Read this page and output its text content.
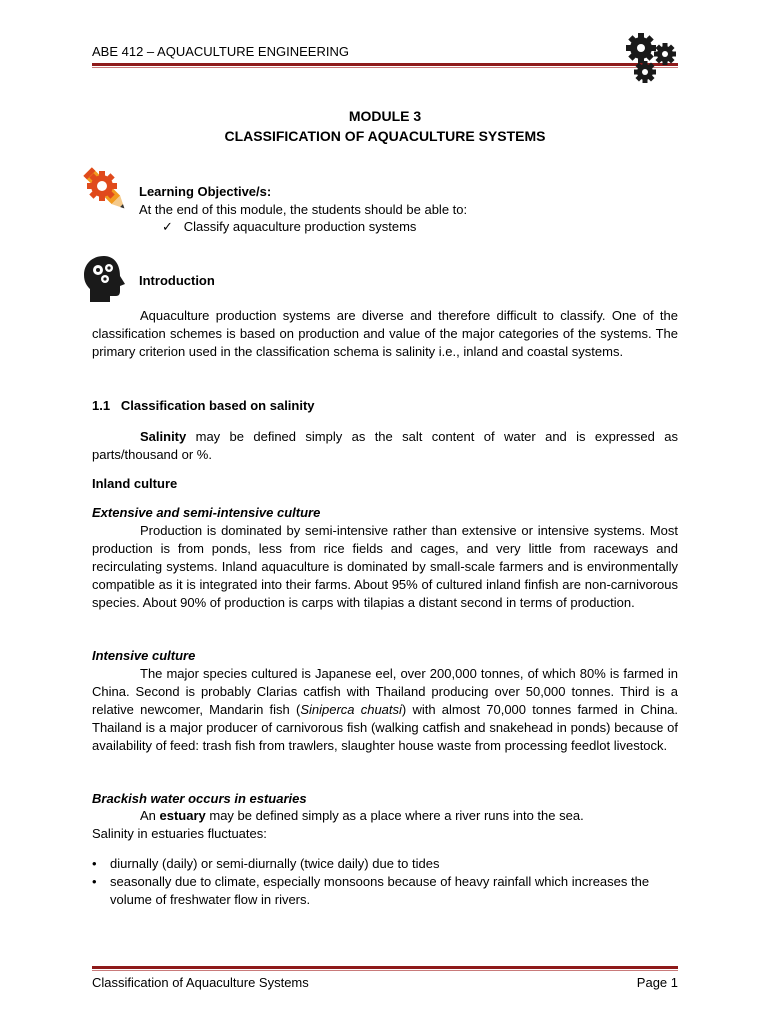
ABE 412 – AQUACULTURE ENGINEERING
MODULE 3
CLASSIFICATION OF AQUACULTURE SYSTEMS
Learning Objective/s:
At the end of this module, the students should be able to:
✓ Classify aquaculture production systems
Introduction
Aquaculture production systems are diverse and therefore difficult to classify. One of the classification schemes is based on production and value of the major categories of the systems. The primary criterion used in the classification schema is salinity i.e., inland and coastal systems.
1.1 Classification based on salinity
Salinity may be defined simply as the salt content of water and is expressed as parts/thousand or %.
Inland culture
Extensive and semi-intensive culture
Production is dominated by semi-intensive rather than extensive or intensive systems. Most production is from ponds, less from rice fields and cages, and very little from raceways and recirculating systems. Inland aquaculture is dominated by small-scale farmers and is environmentally compatible as it is integrated into their farms. About 95% of cultured inland finfish are non-carnivorous species. About 90% of production is carps with tilapias a distant second in terms of production.
Intensive culture
The major species cultured is Japanese eel, over 200,000 tonnes, of which 80% is farmed in China. Second is probably Clarias catfish with Thailand producing over 50,000 tonnes. Third is a relative newcomer, Mandarin fish (Siniperca chuatsi) with almost 70,000 tonnes farmed in China. Thailand is a major producer of carnivorous fish (walking catfish and snakehead in ponds) because of availability of feed: trash fish from trawlers, slaughter house waste from processing feedlot livestock.
Brackish water occurs in estuaries
An estuary may be defined simply as a place where a river runs into the sea.
Salinity in estuaries fluctuates:
• diurnally (daily) or semi-diurnally (twice daily) due to tides
• seasonally due to climate, especially monsoons because of heavy rainfall which increases the volume of freshwater flow in rivers.
Classification of Aquaculture Systems	Page 1
